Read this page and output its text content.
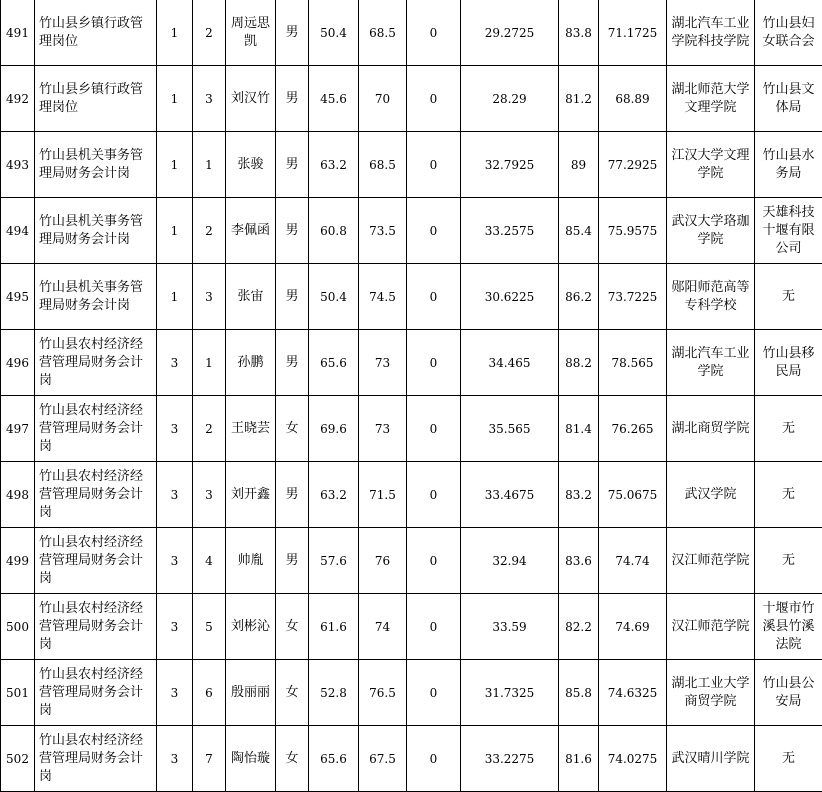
491	竹山县乡镇行政管理岗位	1	2	周远思凯	男	50.4	68.5	0	29.2725	83.8	71.1725	湖北汽车工业学院科技学院	竹山县妇女联合会
492	竹山县乡镇行政管理岗位	1	3	刘汉竹	男	45.6	70	0	28.29	81.2	68.89	湖北师范大学文理学院	竹山县文体局
493	竹山县机关事务管理局财务会计岗	1	1	张骏	男	63.2	68.5	0	32.7925	89	77.2925	江汉大学文理学院	竹山县水务局
494	竹山县机关事务管理局财务会计岗	1	2	李佩函	男	60.8	73.5	0	33.2575	85.4	75.9575	武汉大学珞珈学院	天雄科技十堰有限公司
495	竹山县机关事务管理局财务会计岗	1	3	张宙	男	50.4	74.5	0	30.6225	86.2	73.7225	郧阳师范高等专科学校	无
496	竹山县农村经济经营管理局财务会计岗	3	1	孙鹏	男	65.6	73	0	34.465	88.2	78.565	湖北汽车工业学院	竹山县移民局
497	竹山县农村经济经营管理局财务会计岗	3	2	王晓芸	女	69.6	73	0	35.565	81.4	76.265	湖北商贸学院	无
498	竹山县农村经济经营管理局财务会计岗	3	3	刘开鑫	男	63.2	71.5	0	33.4675	83.2	75.0675	武汉学院	无
499	竹山县农村经济经营管理局财务会计岗	3	4	帅胤	男	57.6	76	0	32.94	83.6	74.74	汉江师范学院	无
500	竹山县农村经济经营管理局财务会计岗	3	5	刘彬沁	女	61.6	74	0	33.59	82.2	74.69	汉江师范学院	十堰市竹溪县竹溪法院
501	竹山县农村经济经营管理局财务会计岗	3	6	殷丽丽	女	52.8	76.5	0	31.7325	85.8	74.6325	湖北工业大学商贸学院	竹山县公安局
502	竹山县农村经济经营管理局财务会计岗	3	7	陶怡璇	女	65.6	67.5	0	33.2275	81.6	74.0275	武汉晴川学院	无
